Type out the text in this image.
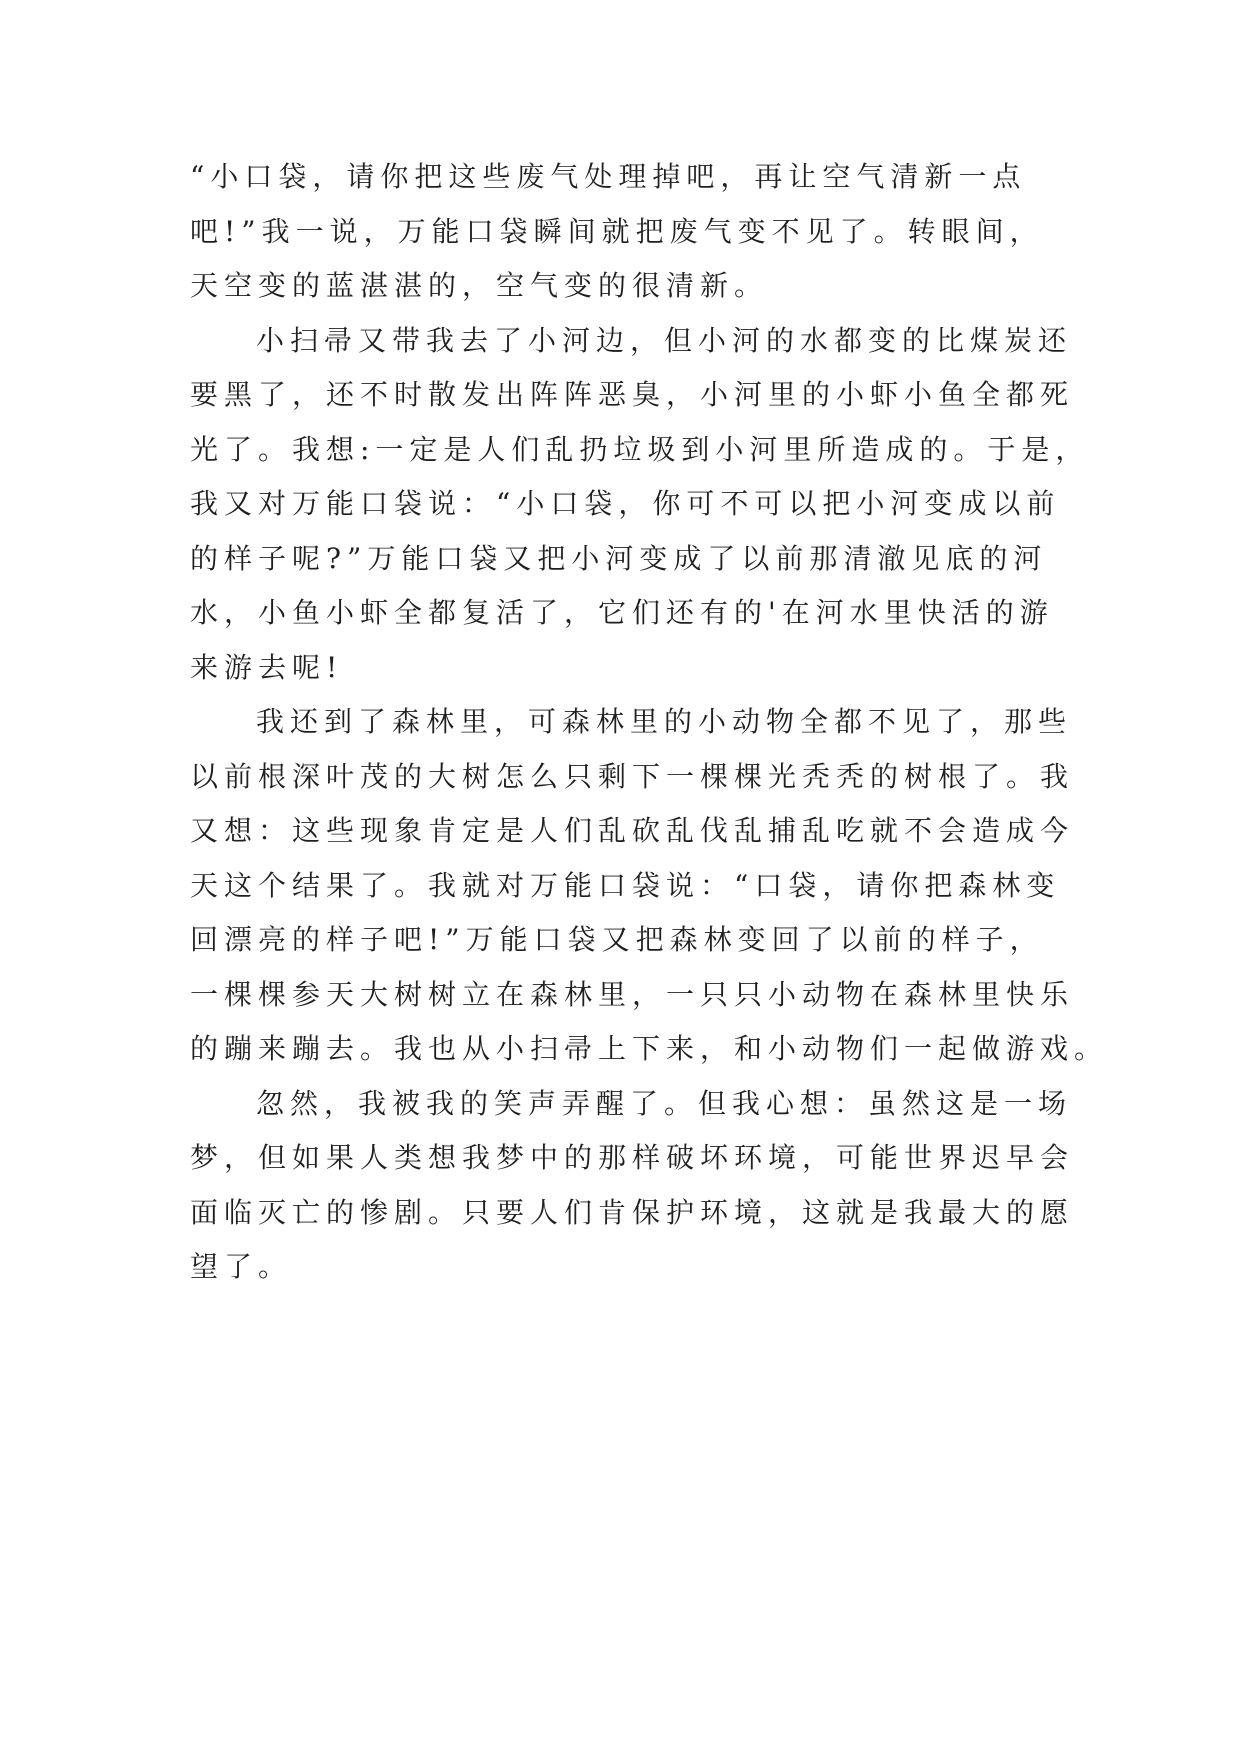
“小口袋，请你把这些废气处理掉吧，再让空气清新一点
吧!”我一说，万能口袋瞬间就把废气变不见了。转眼间，
天空变的蓝湛湛的，空气变的很清新。
小扫帚又带我去了小河边，但小河的水都变的比煤炭还
要黑了，还不时散发出阵阵恶臭，小河里的小虾小鱼全都死
光了。我想:一定是人们乱扔垃圾到小河里所造成的。于是，
我又对万能口袋说：“小口袋，你可不可以把小河变成以前
的样子呢?”万能口袋又把小河变成了以前那清澈见底的河
水，小鱼小虾全都复活了，它们还有的'在河水里快活的游
来游去呢!
我还到了森林里，可森林里的小动物全都不见了，那些
以前根深叶茂的大树怎么只剩下一棵棵光秃秃的树根了。我
又想：这些现象肯定是人们乱砍乱伐乱捕乱吃就不会造成今
天这个结果了。我就对万能口袋说：“口袋，请你把森林变
回漂亮的样子吧!”万能口袋又把森林变回了以前的样子，
一棵棵参天大树树立在森林里，一只只小动物在森林里快乐
的蹦来蹦去。我也从小扫帚上下来，和小动物们一起做游戏。
忽然，我被我的笑声弄醒了。但我心想：虽然这是一场
梦，但如果人类想我梦中的那样破坏环境，可能世界迟早会
面临灭亡的惨剧。只要人们肯保护环境，这就是我最大的愿
望了。
